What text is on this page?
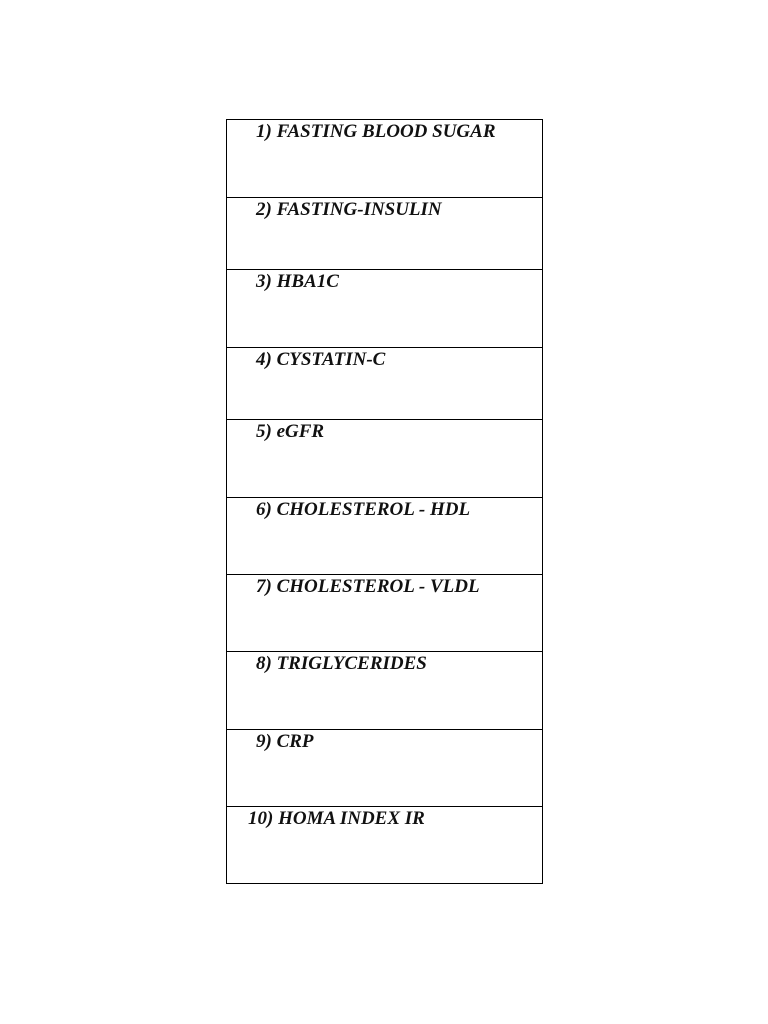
1) FASTING BLOOD SUGAR
2) FASTING-INSULIN
3) HBA1C
4) CYSTATIN-C
5) eGFR
6) CHOLESTEROL - HDL
7) CHOLESTEROL - VLDL
8) TRIGLYCERIDES
9) CRP
10) HOMA INDEX IR
